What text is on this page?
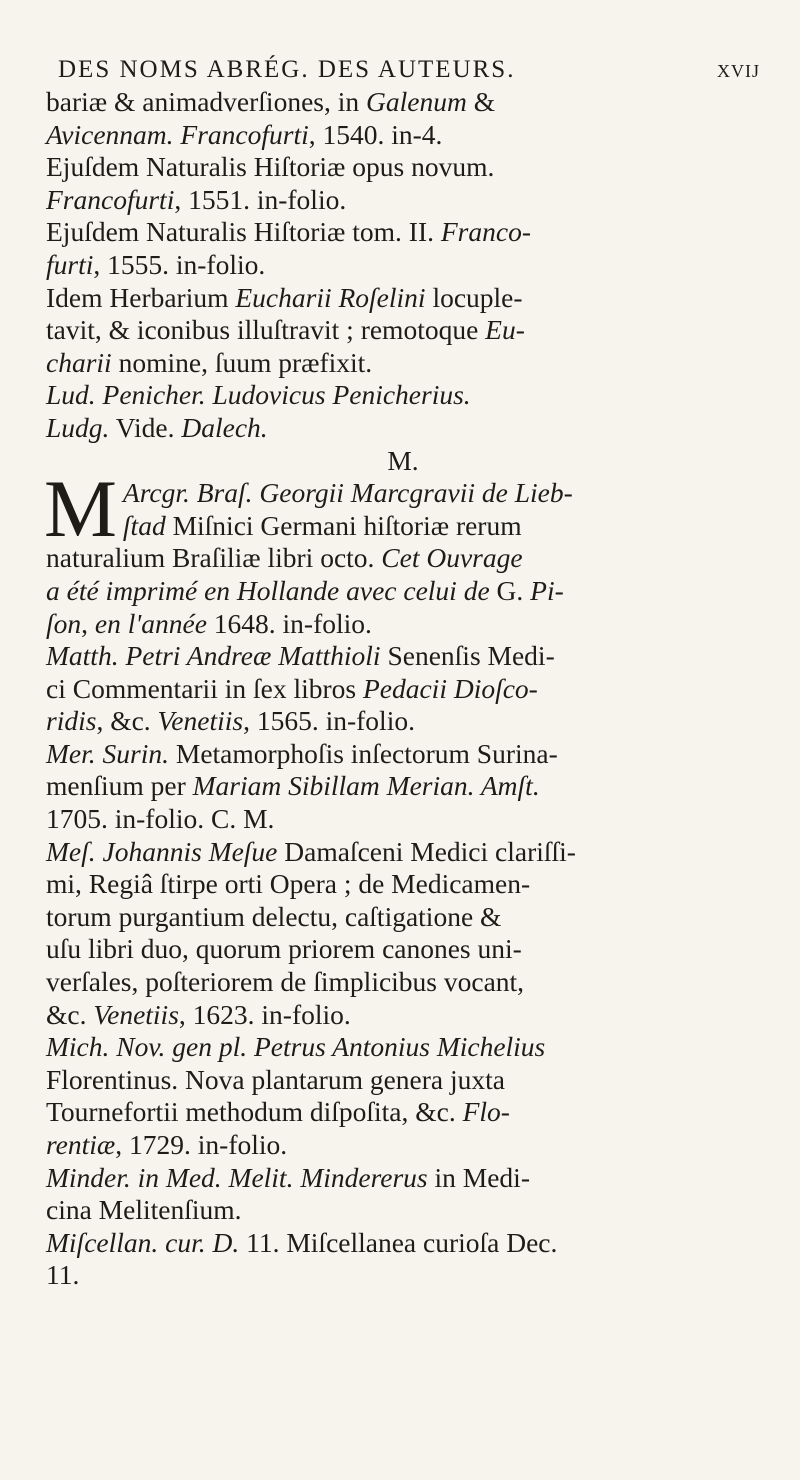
DES NOMS ABRÉG. DES AUTEURS.	xvij
bariæ & animadverſiones, in Galenum &
Avicennam. Francofurti, 1540. in-4.
Ejuſdem Naturalis Hiſtoriæ opus novum.
Francofurti, 1551. in-folio.
Ejuſdem Naturalis Hiſtoriæ tom. II. Franco-
furti, 1555. in-folio.
Idem Herbarium Eucharii Roſelini locuple-
tavit, & iconibus illuſtravit ; remotoque Eu-
charii nomine, ſuum præfixit.
Lud. Penicher. Ludovicus Penicherius.
Ludg. Vide. Dalech.
M.
M Arcgr. Braſ. Georgii Marcgravii de Lieb-
ſtad Miſnici Germani hiſtoriæ rerum
naturalium Braſiliæ libri octo. Cet Ouvrage
a été imprimé en Hollande avec celui de G. Pi-
ſon, en l'année 1648. in-folio.
Matth. Petri Andreæ Matthioli Senenſis Medi-
ci Commentarii in ſex libros Pedacii Dioſco-
ridis, &c. Venetiis, 1565. in-folio.
Mer. Surin. Metamorphoſis inſectorum Surina-
menſium per Mariam Sibillam Merian. Amſt.
1705. in-folio. C. M.
Meſ. Johannis Meſue Damaſceni Medici clariſſi-
mi, Regiâ ſtirpe orti Opera ; de Medicamen-
torum purgantium delectu, caſtigatione &
uſu libri duo, quorum priorem canones uni-
verſales, poſteriorem de ſimplicibus vocant,
&c. Venetiis, 1623. in-folio.
Mich. Nov. gen pl. Petrus Antonius Michelius
Florentinus. Nova plantarum genera juxta
Tournefortii methodum diſpoſita, &c. Flo-
rentiæ, 1729. in-folio.
Minder. in Med. Melit. Mindererus in Medi-
cina Melitenſium.
Miſcellan. cur. D. 11. Miſcellanea curioſa Dec.
11.
